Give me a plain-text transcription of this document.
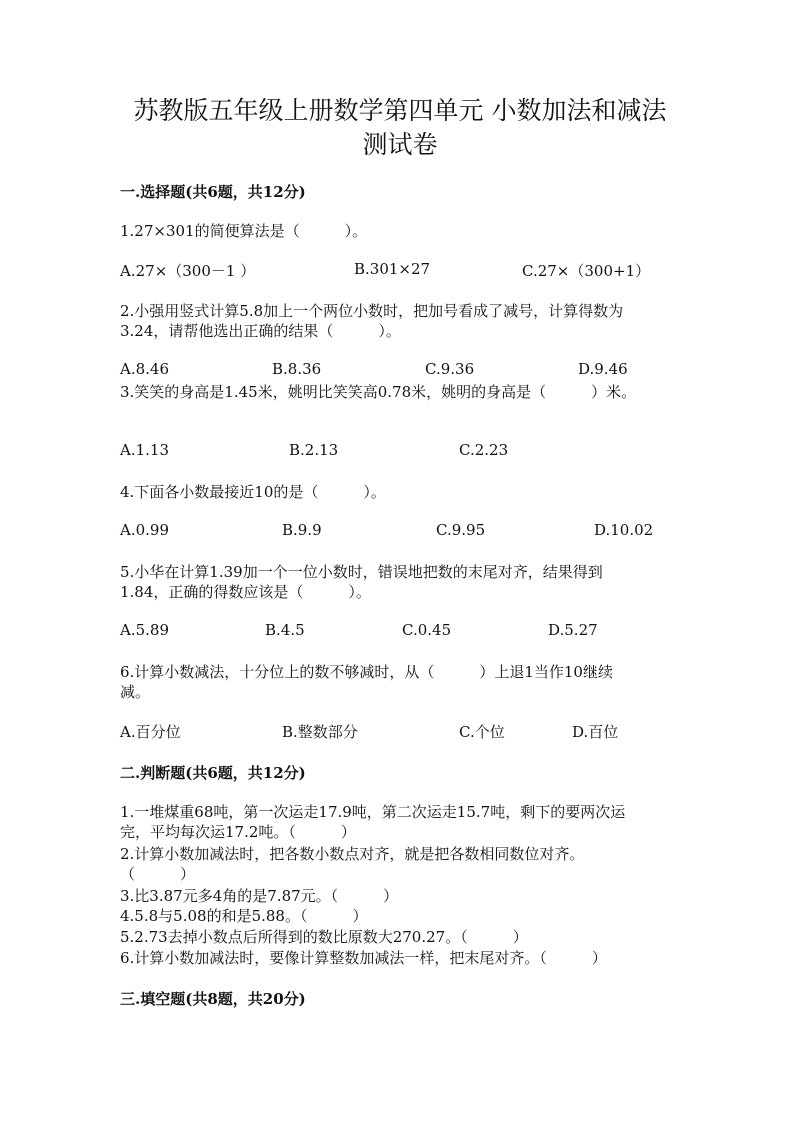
苏教版五年级上册数学第四单元 小数加法和减法
测试卷
一.选择题(共6题，共12分)
1.27×301的简便算法是（　　　）。
A.27×（300－1 ）	B.301×27	C.27×（300+1）
2.小强用竖式计算5.8加上一个两位小数时，把加号看成了减号，计算得数为
3.24，请帮他选出正确的结果（　　　）。
A.8.46	B.8.36	C.9.36	D.9.46
3.笑笑的身高是1.45米，姚明比笑笑高0.78米，姚明的身高是（　　　）米。
A.1.13	B.2.13	C.2.23
4.下面各小数最接近10的是（　　　）。
A.0.99	B.9.9	C.9.95	D.10.02
5.小华在计算1.39加一个一位小数时，错误地把数的末尾对齐，结果得到
1.84，正确的得数应该是（　　　）。
A.5.89	B.4.5	C.0.45	D.5.27
6.计算小数减法，十分位上的数不够减时，从（　　　）上退1当作10继续
减。
A.百分位	B.整数部分	C.个位	D.百位
二.判断题(共6题，共12分)
1.一堆煤重68吨，第一次运走17.9吨，第二次运走15.7吨，剩下的要两次运
完，平均每次运17.2吨。（　　　）
2.计算小数加减法时，把各数小数点对齐，就是把各数相同数位对齐。
（　　　）
3.比3.87元多4角的是7.87元。（　　　）
4.5.8与5.08的和是5.88。（　　　）
5.2.73去掉小数点后所得到的数比原数大270.27。（　　　）
6.计算小数加减法时，要像计算整数加减法一样，把末尾对齐。（　　　）
三.填空题(共8题，共20分)
